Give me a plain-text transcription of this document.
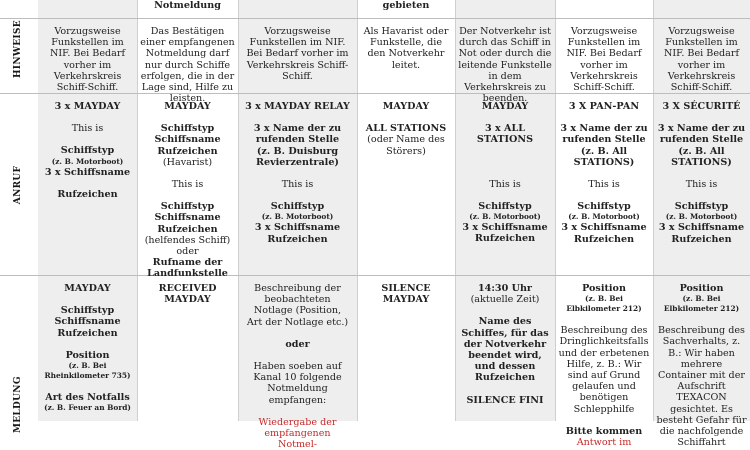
HINWEISE
ANRUF
MELDUNG
Notmeldung	gebieten
Vorzugsweise Funkstellen im NIF. Bei Bedarf vorher im Verkehrskreis Schiff-Schiff.
Das Bestätigen einer empfangenen Notmeldung darf nur durch Schiffe erfolgen, die in der Lage sind, Hilfe zu leisten.
Vorzugsweise Funkstellen im NIF. Bei Bedarf vorher im Verkehrskreis Schiff-Schiff.
Als Havarist oder Funkstelle, die den Notverkehr leitet.
Der Notverkehr ist durch das Schiff in Not oder durch die leitende Funkstelle in dem Verkehrskreis zu beenden.
Vorzugsweise Funkstellen im NIF. Bei Bedarf vorher im Verkehrskreis Schiff-Schiff.
Vorzugsweise Funkstellen im NIF. Bei Bedarf vorher im Verkehrskreis Schiff-Schiff.
3 x MAYDAY
This is
Schiffstyp
(z. B. Motorboot)
3 x Schiffsname
Rufzeichen
MAYDAY
Schiffstyp
Schiffsname
Rufzeichen
(Havarist)
This is
Schiffstyp
Schiffsname
Rufzeichen
(helfendes Schiff)
oder
Rufname der
Landfunkstelle
3 x MAYDAY RELAY
3 x Name der zu
rufenden Stelle
(z. B. Duisburg
Revierzentrale)
This is
Schiffstyp
(z. B. Motorboot)
3 x Schiffsname
Rufzeichen
MAYDAY
ALL STATIONS
(oder Name des
Störers)
MAYDAY
3 x ALL STATIONS
This is
Schiffstyp
(z. B. Motorboot)
3 x Schiffsname
Rufzeichen
3 X PAN-PAN
3 x Name der zu
rufenden Stelle
(z. B. All STATIONS)
This is
Schiffstyp
(z. B. Motorboot)
3 x Schiffsname
Rufzeichen
3 X SÉCURITÉ
3 x Name der zu
rufenden Stelle
(z. B. All STATIONS)
This is
Schiffstyp
(z. B. Motorboot)
3 x Schiffsname
Rufzeichen
MAYDAY
Schiffstyp
Schiffsname
Rufzeichen
Position
(z. B. Bei
Rheinkilometer 735)
Art des Notfalls
(z. B. Feuer an Bord)
RECEIVED MAYDAY
Beschreibung der beobachteten Notlage (Position, Art der Notlage etc.)
oder
Haben soeben auf Kanal 10 folgende Notmeldung empfangen:
Wiedergabe der
empfangenen Notmel-
SILENCE MAYDAY
14:30 Uhr
(aktuelle Zeit)
Name des Schiffes, für das der Notverkehr beendet wird, und dessen Rufzeichen
SILENCE FINI
Position
(z. B. Bei Elbkilometer 212)
Beschreibung des Dringlichkeitsfalls und der erbetenen Hilfe, z. B.: Wir sind auf Grund gelaufen und benötigen Schlepphilfe
Bitte kommen
Antwort im
Position
(z. B. Bei Elbkilometer 212)
Beschreibung des Sachverhalts, z. B.: Wir haben mehrere Container mit der Aufschrift TEXACON gesichtet. Es besteht Gefahr für die nachfolgende Schiffahrt
